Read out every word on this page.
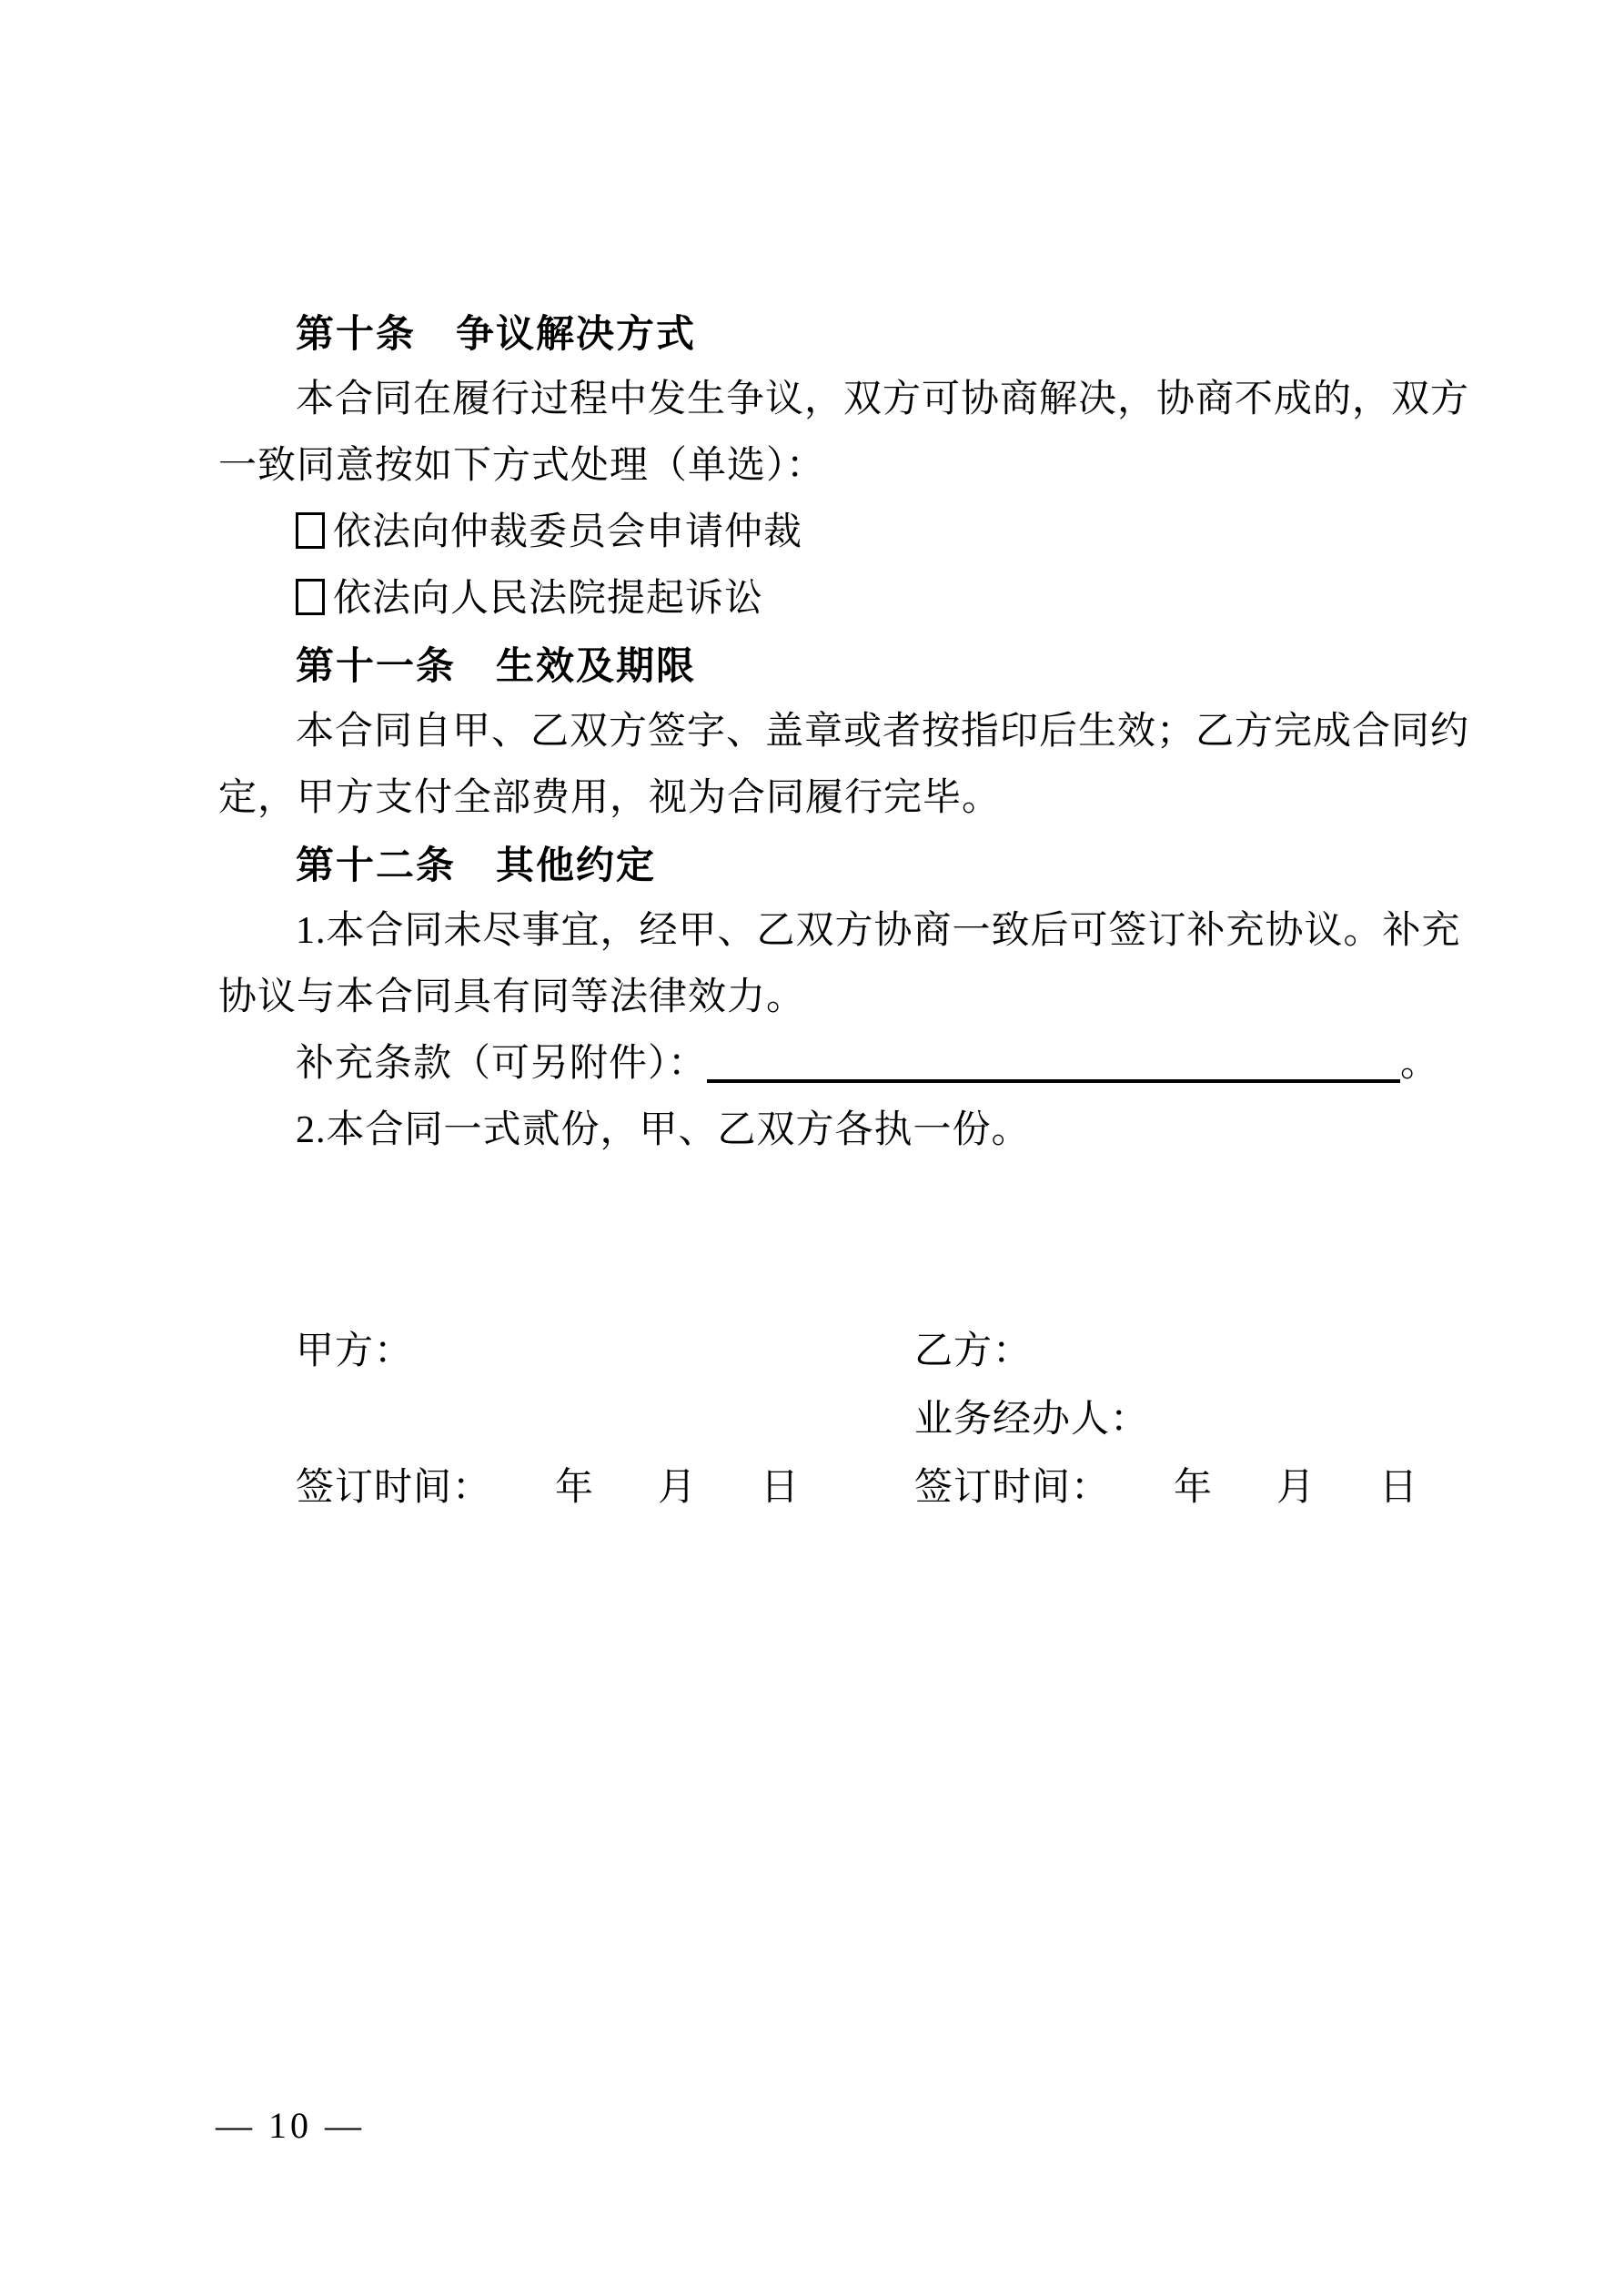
第十条　争议解决方式
本合同在履行过程中发生争议，双方可协商解决，协商不成的，双方
一致同意按如下方式处理（单选）：
依法向仲裁委员会申请仲裁
依法向人民法院提起诉讼
第十一条　生效及期限
本合同自甲、乙双方签字、盖章或者按指印后生效；乙方完成合同约
定，甲方支付全部费用，视为合同履行完毕。
第十二条　其他约定
1.本合同未尽事宜，经甲、乙双方协商一致后可签订补充协议。补充
协议与本合同具有同等法律效力。
补充条款（可另附件）：	。
2.本合同一式贰份，甲、乙双方各执一份。
甲方：
签订时间： 年 月 日
乙方：
业务经办人：
签订时间： 年 月 日
— 10 —
